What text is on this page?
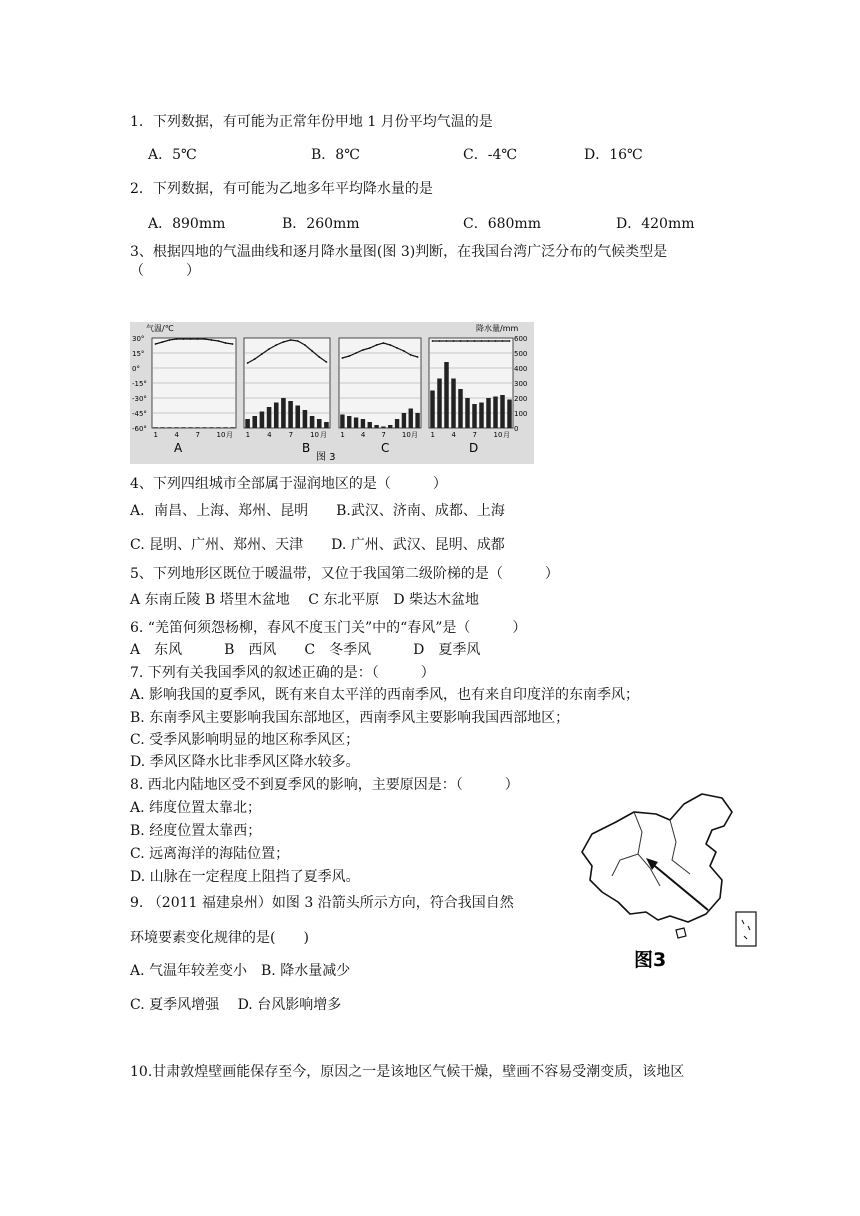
1．下列数据，有可能为正常年份甲地 1 月份平均气温的是
A．5℃	B．8℃	C．-4℃	D．16℃
2．下列数据，有可能为乙地多年平均降水量的是
A．890mm	B．260mm	C．680mm	D．420mm
3、根据四地的气温曲线和逐月降水量图(图 3)判断，在我国台湾广泛分布的气候类型是
（　　　）
气温/℃	降水量/mm
30°
15°
0°
-15°
-30°
-45°
-60°
600
500
400
300
200
100
0
1 4 7 10 月
A
1 4 7 10 月
B
1 4 7 10 月
C
1 4 7 10 月
D
图 3
4、下列四组城市全部属于湿润地区的是（　　　）
A．南昌、上海、郑州、昆明　　B.武汉、济南、成都、上海
C. 昆明、广州、郑州、天津　　D. 广州、武汉、昆明、成都
5、下列地形区既位于暖温带，又位于我国第二级阶梯的是（　　　）
A 东南丘陵 B 塔里木盆地　 C 东北平原　D 柴达木盆地
6. “羌笛何须怨杨柳，春风不度玉门关”中的“春风”是（　　　）
A　东风　　　B　西风　　C　冬季风　　　D　夏季风
7. 下列有关我国季风的叙述正确的是：（　　　）
A. 影响我国的夏季风，既有来自太平洋的西南季风，也有来自印度洋的东南季风；
B. 东南季风主要影响我国东部地区，西南季风主要影响我国西部地区；
C. 受季风影响明显的地区称季风区；
D. 季风区降水比非季风区降水较多。
8. 西北内陆地区受不到夏季风的影响，主要原因是：（　　　）
A. 纬度位置太靠北；
B. 经度位置太靠西；
C. 远离海洋的海陆位置；
D. 山脉在一定程度上阻挡了夏季风。
9. （2011 福建泉州）如图 3 沿箭头所示方向，符合我国自然
环境要素变化规律的是(　　)
A. 气温年较差变小　B. 降水量减少
C. 夏季风增强　 D. 台风影响增多
图3
10.甘肃敦煌壁画能保存至今，原因之一是该地区气候干燥，壁画不容易受潮变质，该地区
